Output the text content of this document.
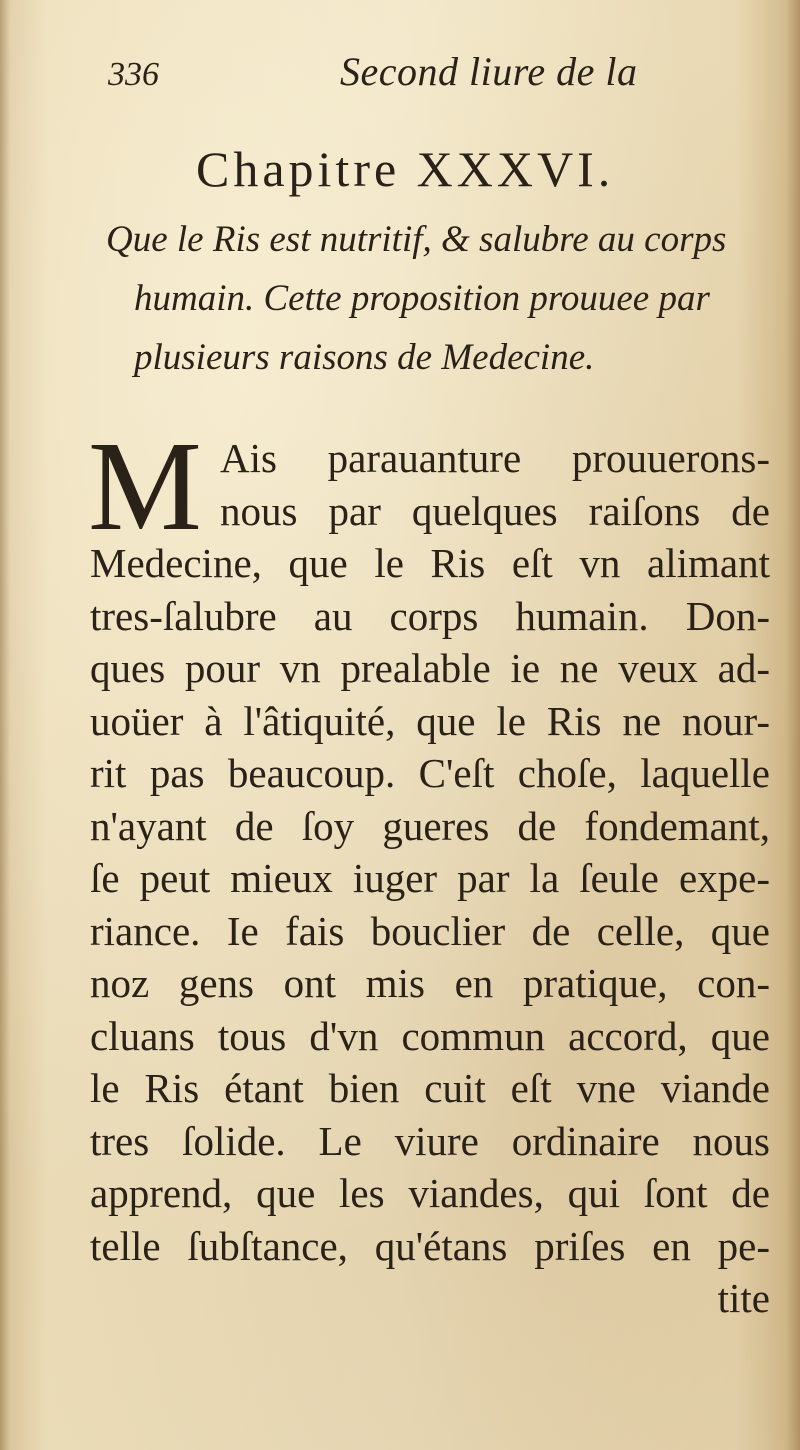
336	Second liure de la
Chapitre XXXVI.
Que le Ris est nutritif, & salubre au corps
humain. Cette proposition prouuee par
plusieurs raisons de Medecine.
M Ais parauanture prouuerons-
nous par quelques raiſons de
Medecine, que le Ris eſt vn alimant
tres-ſalubre au corps humain. Don-
ques pour vn prealable ie ne veux ad-
uoüer à l'âtiquité, que le Ris ne nour-
rit pas beaucoup. C'eſt choſe, laquelle
n'ayant de ſoy gueres de fondemant,
ſe peut mieux iuger par la ſeule expe-
riance. Ie fais bouclier de celle, que
noz gens ont mis en pratique, con-
cluans tous d'vn commun accord, que
le Ris étant bien cuit eſt vne viande
tres ſolide. Le viure ordinaire nous
apprend, que les viandes, qui ſont de
telle ſubſtance, qu'étans priſes en pe-
tite
